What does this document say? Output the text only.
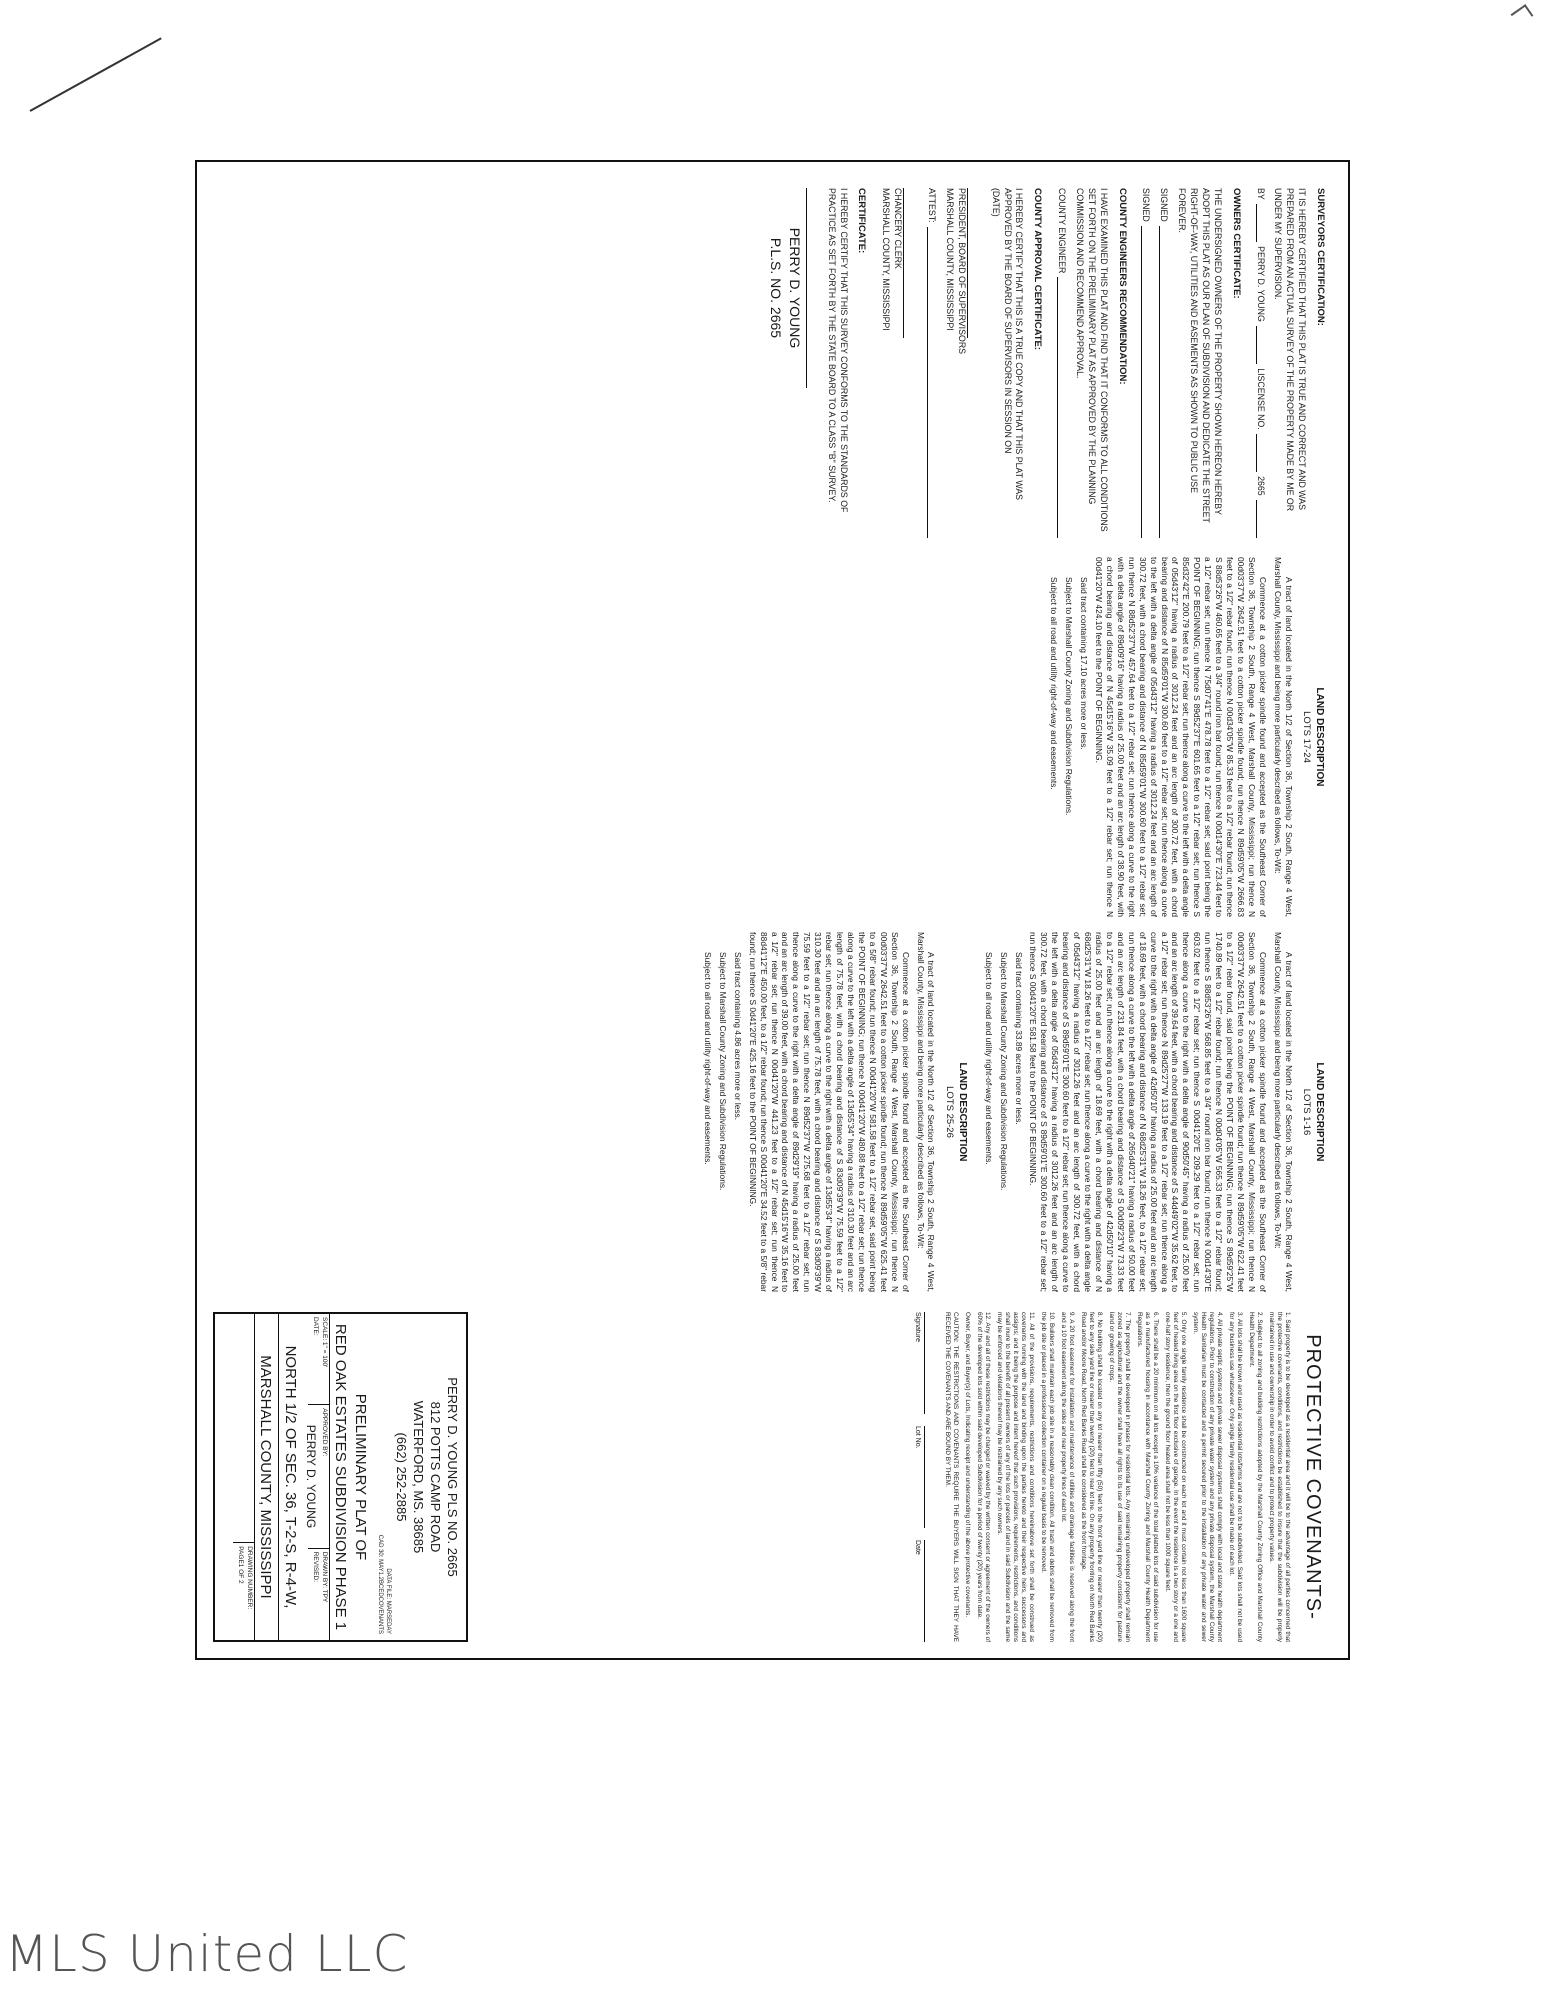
SURVEYORS CERTIFICATION:
IT IS HEREBY CERTIFIED THAT THIS PLAT IS TRUE AND CORRECT AND WAS PREPARED FROM AN ACTUAL SURVEY OF THE PROPERTY MADE BY ME OR UNDER MY SUPERVISION.
BY
PERRY D. YOUNG
LISCENSE NO.
2665
OWNERS CERTIFICATE:
THE UNDERSIGNED OWNERS OF THE PROPERTY SHOWN HEREON HEREBY ADOPT THIS PLAT AS OUR PLAN OF SUBDIVISION AND DEDICATE THE STREET RIGHT-OF-WAY, UTILITIES AND EASEMENTS AS SHOWN TO PUBLIC USE FOREVER.
SIGNED
SIGNED
COUNTY ENGINEERS RECOMMENDATION:
I HAVE EXAMINED THIS PLAT AND FIND THAT IT CONFORMS TO ALL CONDITIONS SET FORTH ON THE PRELIMINARY PLAT AS APPROVED BY THE PLANNING COMMISSION AND RECOMMEND APPROVAL.
COUNTY ENGINEER
COUNTY APPROVAL CERTIFICATE:
I HEREBY CERTIFY THAT THIS IS A TRUE COPY AND THAT THIS PLAT WAS APPROVED BY THE BOARD OF SUPERVISORS IN SESSION ON
(DATE)
PRESIDENT, BOARD OF SUPERVISORS
MARSHALL COUNTY, MISSISSIPPI
ATTEST:
CHANCERY CLERK
MARSHALL COUNTY, MISSISSIPPI
CERTIFICATE:
I HEREBY CERTIFY THAT THIS SURVEY CONFORMS TO THE STANDARDS OF PRACTICE AS SET FORTH BY THE STATE BOARD TO A CLASS "B" SURVEY.
PERRY D. YOUNG
P.L.S. NO. 2665
LAND DESCRIPTION
LOTS 17-24

A tract of land located in the North 1/2 of Section 36, Township 2 South, Range 4 West, Marshall County, Mississippi and being more particularly described as follows, To-Wit:

Commence at a cotton picker spindle found and accepted as the Southeast Corner of Section 36, Township 2 South, Range 4 West, Marshall County, Mississippi; run thence N 00d03'37"W 2642.51 feet to a cotton picker spindle found; run thence N 89d59'05"W 2666.83 feet to a 1/2" rebar found; run thence N 00d34'05"W 85.33 feet to a 1/2" rebar found; run thence S 88d53'26"W 460.65 feet to a 3/4" round iron bar found; run thence N 00d14'30"E 723.44 feet to a 1/2" rebar set; run thence N 75d07'41"E 478.78 feet to a 1/2" rebar set; said point being the POINT OF BEGINNING; run thence S 89d52'37"E 601.65 feet to a 1/2" rebar set; run thence S 85d32'42"E 200.79 feet to a 1/2" rebar set; run thence along a curve to the left with a delta angle of 05d43'12" having a radius of 3012.24 feet and an arc length of 300.72 feet, with a chord bearing and distance of N 85d59'01"W 300.60 feet to a 1/2" rebar set; run thence along a curve to the left with a delta angle of 05d43'12" having a radius of 3012.24 feet and an arc length of 300.72 feet, with a chord bearing and distance of N 85d59'01"W 300.60 feet to a 1/2" rebar set; run thence N 88d52'37"W 457.64 feet to a 1/2" rebar set; run thence along a curve to the right with a delta angle of 89d09'16" having a radius of 25.00 feet and an arc length of 38.90 feet, with a chord bearing and distance of N 45d15'16"W 35.09 feet to a 1/2" rebar set; run thence N 00d41'20"W 424.10 feet to the POINT OF BEGINNING.

Said tract containing 17.10 acres more or less.

Subject to Marshall County Zoning and Subdivision Regulations.

Subject to all road and utility right-of-way and easements.

LAND DESCRIPTION
LOTS 1-16

A tract of land located in the North 1/2 of Section 36, Township 2 South, Range 4 West, Marshall County, Mississippi and being more particularly described as follows, To-Wit:

Commence at a cotton picker spindle found and accepted as the Southeast Corner of Section 36, Township 2 South, Range 4 West, Marshall County, Mississippi; run thence N 00d03'37"W 2642.51 feet to a cotton picker spindle found; run thence N 89d59'05"W 622.41 feet to a 1/2" rebar found, said point being the POINT OF BEGINNING; run thence S 89d59'25"W 1740.89 feet to a 1/2" rebar found; run thence N 00d04'05"W 565.33 feet to a 1/2" rebar found; run thence S 88d53'26"W 568.85 feet to a 3/4" round iron bar found; run thence N 00d14'30"E 603.02 feet to a 1/2" rebar set; run thence S 00d41'20"E 209.29 feet to a 1/2" rebar set; run thence along a curve to the right with a delta angle of 90d50'45" having a radius of 25.00 feet and an arc length of 39.64 feet, with a chord bearing and distance of S 44d49'02"W 35.62 feet, to a 1/2" rebar set; run thence N 89d25'27"W 133.19 feet to a 1/2" rebar set; run thence along a curve to the right with a delta angle of 42d50'10" having a radius of 25.00 feet and an arc length of 18.69 feet, with a chord bearing and distance of N 68d25'31"W 18.26 feet, to a 1/2" rebar set; run thence along a curve to the left with a delta angle of 265d40'21" having a radius of 50.00 feet and an arc length of 231.84 feet, with a chord bearing and distance of S 00d09'23"W 73.33 feet to a 1/2" rebar set; run thence along a curve to the right with a delta angle of 42d50'10" having a radius of 25.00 feet and an arc length of 18.69 feet, with a chord bearing and distance of N 68d25'31"W 18.26 feet to a 1/2" rebar set; run thence along a curve to the right with a delta angle of 05d43'12" having a radius of 3012.26 feet and an arc length of 300.72 feet, with a chord bearing and distance of S 89d59'01"E 300.60 feet to a 1/2" rebar set; run thence along a curve to the left with a delta angle of 05d43'12" having a radius of 3012.26 feet and an arc length of 300.72 feet, with a chord bearing and distance of S 89d59'01"E 300.60 feet to a 1/2" rebar set; run thence S 00d41'20"E 581.58 feet to the POINT OF BEGINNING.

Said tract containing 33.89 acres more or less.

Subject to Marshall County Zoning and Subdivision Regulations.

Subject to all road and utility right-of-way and easements.

LAND DESCRIPTION
LOTS 25-26

A tract of land located in the North 1/2 of Section 36, Township 2 South, Range 4 West, Marshall County, Mississippi and being more particularly described as follows, To-Wit:

Commence at a cotton picker spindle found and accepted as the Southeast Corner of Section 36, Township 2 South, Range 4 West, Marshall County, Mississippi; run thence N 00d03'37"W 2642.51 feet to a cotton picker spindle found; run thence N 89d59'05"W 625.41 feet to a 5/8" rebar found; run thence N 00d41'20"W 581.58 feet to a 1/2" rebar set, said point being the POINT OF BEGINNING; run thence N 00d41'20"W 480.88 feet to a 1/2" rebar set; run thence along a curve to the left with a delta angle of 13d55'34" having a radius of 310.30 feet and an arc length of 75.78 feet, with a chord bearing and distance of S 83d09'39"W 75.59 feet to a 1/2" rebar set; run thence along a curve to the right with a delta angle of 13d55'34" having a radius of 310.30 feet and an arc length of 75.78 feet, with a chord bearing and distance of S 83d09'39"W 75.59 feet to a 1/2" rebar set; run thence N 89d52'37"W 275.68 feet to a 1/2" rebar set; run thence along a curve to the right with a delta angle of 89d29'19" having a radius of 25.00 feet and an arc length of 39.00 feet, with a chord bearing and distance of N 45d15'16"W 35.16 feet to a 1/2" rebar set; run thence N 00d41'20"W 441.23 feet to a 1/2" rebar set; run thence N 88d41'12"E 450.00 feet, to a 1/2" rebar found; run thence S 00d41'20"E 34.52 feet to a 5/8" rebar found; run thence S 0d41'20"E 425.16 feet to the POINT OF BEGINNING.

Said tract containing 4.86 acres more or less.

Subject to Marshall County Zoning and Subdivision Regulations.

Subject to all road and utility right-of-way and easements.

PROTECTIVE COVENANTS-

1. Said property is to be developed as a residential area and it will be to the advantage of all parties concerned that the protective covenants, conditions, and restrictions be established to insure that the subdivision will be properly maintained in use and ownership in order to avoid conflict and to protect property values.

2. Subject to all zoning and building restrictions adopted by the Marshall County Zoning Office and Marshall County Health Department.

3. All lots shall be known and used as residential lots/farms and are not to be subdivided. Said lots shall not be used for any business use whatsoever. Only single family residential use shall be made of each lot.

4. All private septic systems and private sewer disposal systems shall comply with local and state health department regulations. Prior to construction of any private water system and any private disposal system, the Marshall County Health Sanitarian must be contacted and a permit secured prior to the installation of any private water and sewer system.

5. Only one single family residence shall be constructed on each lot and it must contain not less than 1600 square feet of heated living area on the first floor exclusive of garage. In the event the residence is a two story or a one and one-half story residence, then the ground floor heated area shall not be less than 1000 square feet.

6. There shall be a 20 minimum on all lots except a 10% variance of the total platted lots of said subdivision for use as a manufactured housing in accordance with Marshall County Zoning and Marshall County Health Department Regulations.

7. The property shall be developed in phases for residential lots. Any remaining undeveloped property shall remain zoned as agricultural and the owner shall have all rights to its use of said remaining property consistent for pasture land or growing of crops.

8. No building shall be located on any lot nearer than fifty (50) feet to the front yard line or nearer than twenty (20) feet to any side yard line or nearer than twenty (20) feet to rear lot line. On any property fronting on North Red Banks Road and/or Moore Road, North Red Banks Road shall be considered as the front frontage.

9. A 20 foot easement for installation and maintenance of utilities and drainage facilities is reserved along the front and a 10 foot easement along the sides and rear property lines of each lot.

10. Builders shall maintain each job site in a reasonably clean condition. All trash and debris shall be removed from the job site or placed in a professional collection container on a regular basis to be removed.

11. All of the provisions, requirements, restrictions and conditions hereinabove set forth shall be construed as covenants running with the land and binding upon the parties hereto and their respective heirs, successors and assigns; and it being the purpose and intent hereof that such provisions, requirements, restrictions, and conditions shall inure to the benefit of all present owners of any of the lots or parcels of land in said Subdivision and the same may be enforced and violations thereof may be restrained by any such owners.

12. Any and all of these restrictions may be changed or waived by the written consent or agreement of the owners of 60% of the developed lots sold within said developed Subdivision for a period of twenty (20) years from date.

Owner, Buyer, and Buyer(s) of Lots, Indicating receipt and understanding of the above protective covenants.

CAUTION: THE RESTRICTIONS AND COVENANTS REQUIRE THE BUYERS WILL SIGN THAT THEY HAVE RECEIVED THE COVENANTS AND ARE BOUND BY THEM.

Signature
Lot No.
Date
PERRY D. YOUNG PLS NO. 2665
812 POTTS CAMP ROAD
WATERFORD, MS. 38685
(662) 252-2885
DATA FILE: MARSEDAY
CAD 30: MAY1.2BCEDCOVENANTS
PRELIMINARY PLAT OF
RED OAK ESTATES SUBDIVISION PHASE 1
SCALE: 1" = 100'
DATE:
APPROVED BY:
PERRY D. YOUNG
DRAWN BY: TPY
REVISED:
NORTH 1/2 OF SEC. 36, T-2-S, R-4-W,
MARSHALL COUNTY, MISSISSIPPI
DRAWING NUMBER:
PAGE1 OF 2
MLS United LLC
